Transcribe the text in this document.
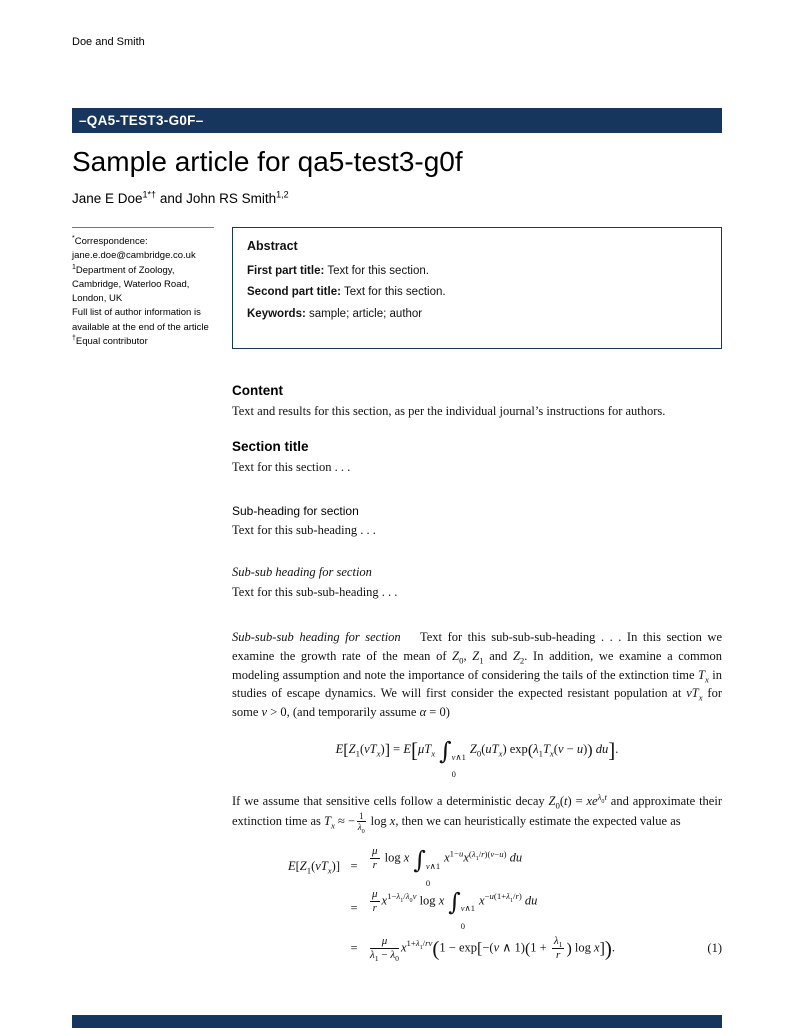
Doe and Smith
–QA5-TEST3-G0F–
Sample article for qa5-test3-g0f
Jane E Doe$^{1*\dagger}$ and John RS Smith$^{1,2}$
*Correspondence:
jane.e.doe@cambridge.co.uk
$^1$Department of Zoology,
Cambridge, Waterloo Road,
London, UK
Full list of author information is
available at the end of the article
†Equal contributor
Abstract

First part title: Text for this section.

Second part title: Text for this section.

Keywords: sample; article; author

Content

Text and results for this section, as per the individual journal’s instructions for authors.

Section title

Text for this section . . .

Sub-heading for section

Text for this sub-heading . . .

Sub-sub heading for section

Text for this sub-sub-heading . . .

Sub-sub-sub heading for section Text for this sub-sub-sub-heading . . . In this section we examine the growth rate of the mean of $Z_0$, $Z_1$ and $Z_2$. In addition, we examine a common modeling assumption and note the importance of considering the tails of the extinction time $T_x$ in studies of escape dynamics. We will first consider the expected resistant population at $vT_x$ for some v > 0, (and temporarily assume α = 0)

$E[Z_1(vT_x)] = E[\mu T_x$ ∫ v∧1
0
$Z_0(uT_x) \exp(\lambda_1T_x(v - u))$ du].

If we assume that sensitive cells follow a deterministic decay $Z_0(t) = xe^{\lambda_0t}$ and approximate their extinction time as $T_x$ ≈ − $\frac{1}{\lambda_0}$ log x, then we can heuristically estimate the expected value as

$E[Z_1(vT_x)]$ =	$\frac{\mu}{r}$ log x ∫ v∧1
0
$x^{1-u}x^{(\lambda_1/r)(v-u)}$ du
=	$\frac{\mu}{r} x^{1-\lambda_1/\lambda_0v}$ log x ∫ v∧1
0
$x^{-u(1+\lambda_1/r)}$ du
=	$\frac{\mu}{\lambda_1 - \lambda_0} x^{1+\lambda_1/rv}(1 - \exp[-(v$ ∧ $1)(1 + \frac{\lambda_1}{r}$ ) log x]).	(1)
